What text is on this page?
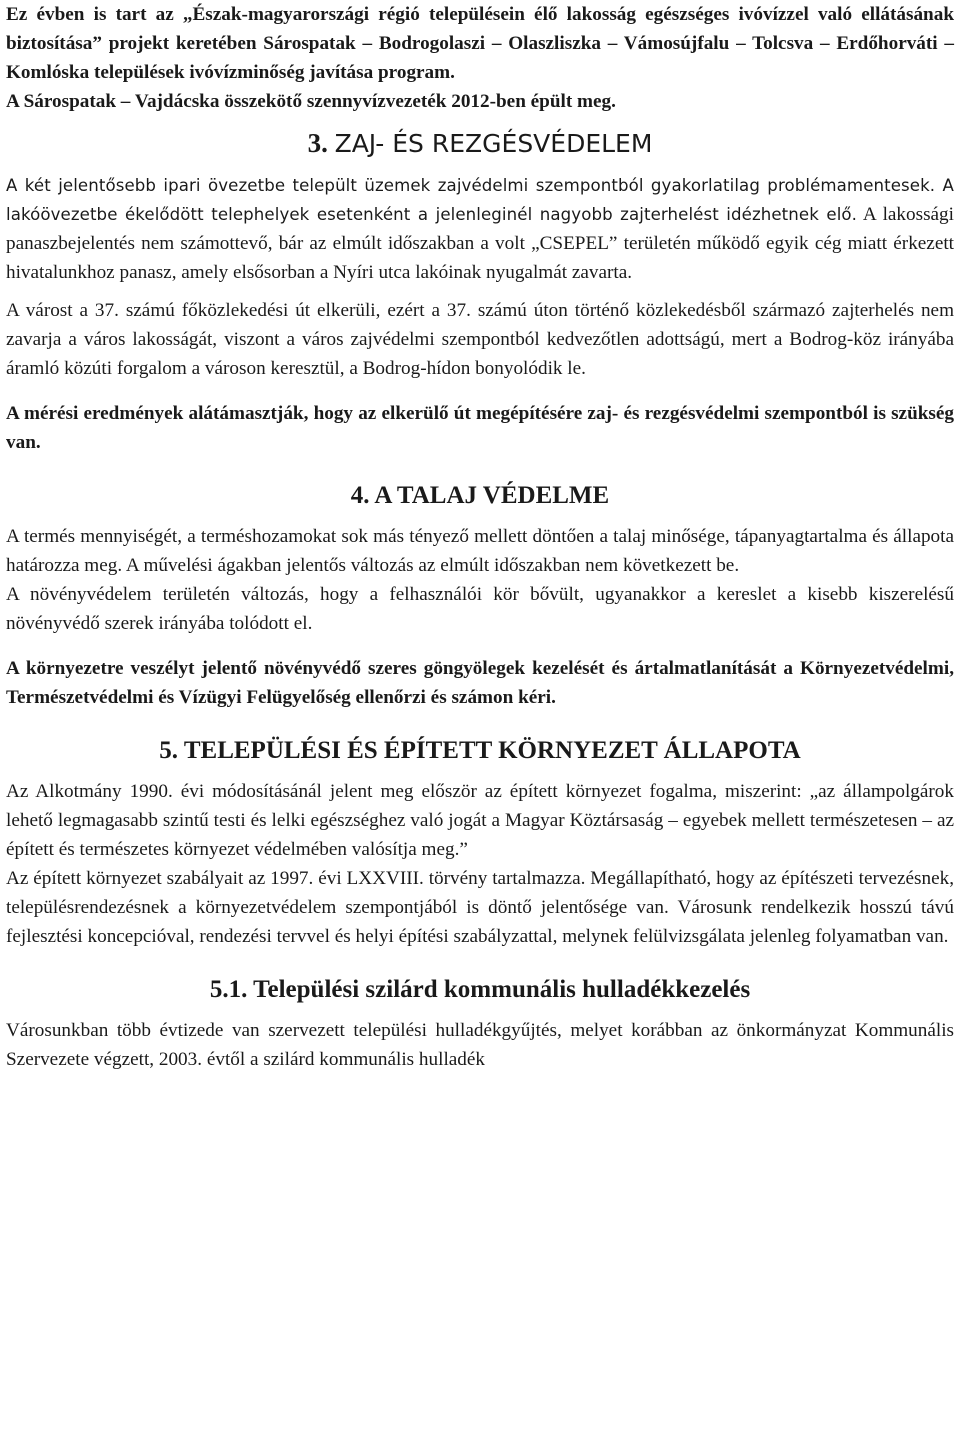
Ez évben is tart az „Észak-magyarországi régió településein élő lakosság egészséges ivóvízzel való ellátásának biztosítása” projekt keretében Sárospatak – Bodrogolaszi – Olaszliszka – Vámosújfalu – Tolcsva – Erdőhorváti – Komlóska települések ivóvízminőség javítása program.

A Sárospatak – Vajdácska összekötő szennyvízvezeték 2012-ben épült meg.

3. ZAJ- ÉS REZGÉSVÉDELEM

A két jelentősebb ipari övezetbe települt üzemek zajvédelmi szempontból gyakorlatilag problémamentesek. A lakóövezetbe ékelődött telephelyek esetenként a jelenleginél nagyobb zajterhelést idézhetnek elő. A lakossági panaszbejelentés nem számottevő, bár az elmúlt időszakban a volt „CSEPEL” területén működő egyik cég miatt érkezett hivatalunkhoz panasz, amely elsősorban a Nyíri utca lakóinak nyugalmát zavarta.

A várost a 37. számú főközlekedési út elkerüli, ezért a 37. számú úton történő közlekedésből származó zajterhelés nem zavarja a város lakosságát, viszont a város zajvédelmi szempontból kedvezőtlen adottságú, mert a Bodrog-köz irányába áramló közúti forgalom a városon keresztül, a Bodrog-hídon bonyolódik le.

A mérési eredmények alátámasztják, hogy az elkerülő út megépítésére zaj- és rezgésvédelmi szempontból is szükség van.

4. A TALAJ VÉDELME

A termés mennyiségét, a terméshozamokat sok más tényező mellett döntően a talaj minősége, tápanyagtartalma és állapota határozza meg. A művelési ágakban jelentős változás az elmúlt időszakban nem következett be.

A növényvédelem területén változás, hogy a felhasználói kör bővült, ugyanakkor a kereslet a kisebb kiszerelésű növényvédő szerek irányába tolódott el.

A környezetre veszélyt jelentő növényvédő szeres göngyölegek kezelését és ártalmatlanítását a Környezetvédelmi, Természetvédelmi és Vízügyi Felügyelőség ellenőrzi és számon kéri.

5. TELEPÜLÉSI ÉS ÉPÍTETT KÖRNYEZET ÁLLAPOTA

Az Alkotmány 1990. évi módosításánál jelent meg először az épített környezet fogalma, miszerint: „az állampolgárok lehető legmagasabb szintű testi és lelki egészséghez való jogát a Magyar Köztársaság – egyebek mellett természetesen – az épített és természetes környezet védelmében valósítja meg.”

Az épített környezet szabályait az 1997. évi LXXVIII. törvény tartalmazza. Megállapítható, hogy az építészeti tervezésnek, településrendezésnek a környezetvédelem szempontjából is döntő jelentősége van. Városunk rendelkezik hosszú távú fejlesztési koncepcióval, rendezési tervvel és helyi építési szabályzattal, melynek felülvizsgálata jelenleg folyamatban van.

5.1. Települési szilárd kommunális hulladékkezelés

Városunkban több évtizede van szervezett települési hulladékgyűjtés, melyet korábban az önkormányzat Kommunális Szervezete végzett, 2003. évtől a szilárd kommunális hulladék
